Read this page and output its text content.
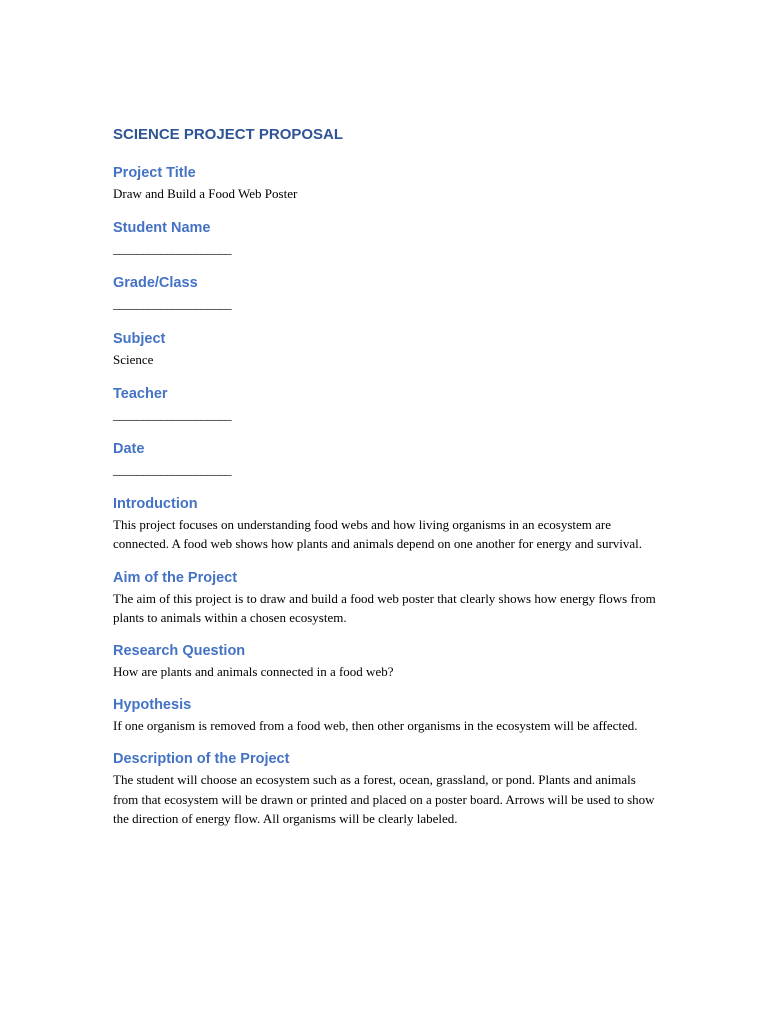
SCIENCE PROJECT PROPOSAL
Project Title

Draw and Build a Food Web Poster

Student Name

____________________

Grade/Class

____________________

Subject

Science

Teacher

____________________

Date

____________________

Introduction

This project focuses on understanding food webs and how living organisms in an ecosystem are connected. A food web shows how plants and animals depend on one another for energy and survival.

Aim of the Project

The aim of this project is to draw and build a food web poster that clearly shows how energy flows from plants to animals within a chosen ecosystem.

Research Question

How are plants and animals connected in a food web?

Hypothesis

If one organism is removed from a food web, then other organisms in the ecosystem will be affected.

Description of the Project

The student will choose an ecosystem such as a forest, ocean, grassland, or pond. Plants and animals from that ecosystem will be drawn or printed and placed on a poster board. Arrows will be used to show the direction of energy flow. All organisms will be clearly labeled.
